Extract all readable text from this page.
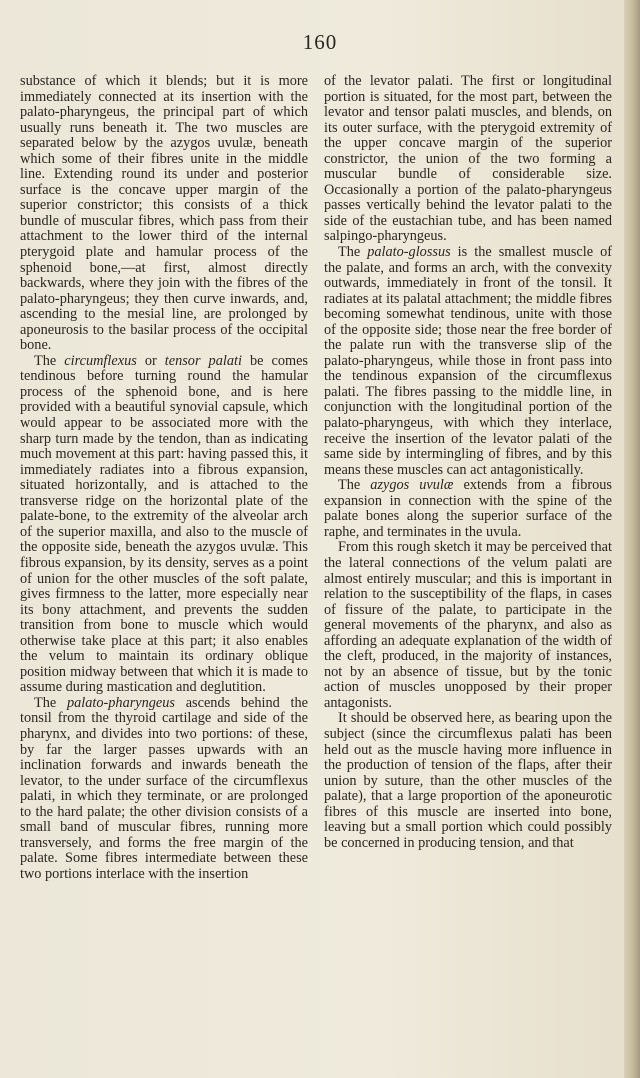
160

substance of which it blends; but it is more immediately connected at its insertion with the palato-pharyngeus, the principal part of which usually runs beneath it. The two muscles are separated below by the azygos uvulæ, beneath which some of their fibres unite in the middle line. Extending round its under and posterior surface is the concave upper margin of the superior constrictor; this consists of a thick bundle of muscular fibres, which pass from their attachment to the lower third of the internal pterygoid plate and hamular process of the sphenoid bone,—at first, almost directly backwards, where they join with the fibres of the palato-pharyngeus; they then curve inwards, and, ascending to the mesial line, are prolonged by aponeurosis to the basilar process of the occipital bone.

The circumflexus or tensor palati be comes tendinous before turning round the hamular process of the sphenoid bone, and is here provided with a beautiful synovial capsule, which would appear to be associated more with the sharp turn made by the tendon, than as indicating much movement at this part: having passed this, it immediately radiates into a fibrous expansion, situated horizontally, and is attached to the transverse ridge on the horizontal plate of the palate-bone, to the extremity of the alveolar arch of the superior maxilla, and also to the muscle of the opposite side, beneath the azygos uvulæ. This fibrous expansion, by its density, serves as a point of union for the other muscles of the soft palate, gives firmness to the latter, more especially near its bony attachment, and prevents the sudden transition from bone to muscle which would otherwise take place at this part; it also enables the velum to maintain its ordinary oblique position midway between that which it is made to assume during mastication and deglutition.

The palato-pharyngeus ascends behind the tonsil from the thyroid cartilage and side of the pharynx, and divides into two portions: of these, by far the larger passes upwards with an inclination forwards and inwards beneath the levator, to the under surface of the circumflexus palati, in which they terminate, or are prolonged to the hard palate; the other division consists of a small band of muscular fibres, running more transversely, and forms the free margin of the palate. Some fibres intermediate between these two portions interlace with the insertion

of the levator palati. The first or longitudinal portion is situated, for the most part, between the levator and tensor palati muscles, and blends, on its outer surface, with the pterygoid extremity of the upper concave margin of the superior constrictor, the union of the two forming a muscular bundle of considerable size. Occasionally a portion of the palato-pharyngeus passes vertically behind the levator palati to the side of the eustachian tube, and has been named salpingo-pharyngeus.

The palato-glossus is the smallest muscle of the palate, and forms an arch, with the convexity outwards, immediately in front of the tonsil. It radiates at its palatal attachment; the middle fibres becoming somewhat tendinous, unite with those of the opposite side; those near the free border of the palate run with the transverse slip of the palato-pharyngeus, while those in front pass into the tendinous expansion of the circumflexus palati. The fibres passing to the middle line, in conjunction with the longitudinal portion of the palato-pharyngeus, with which they interlace, receive the insertion of the levator palati of the same side by intermingling of fibres, and by this means these muscles can act antagonistically.

The azygos uvulæ extends from a fibrous expansion in connection with the spine of the palate bones along the superior surface of the raphe, and terminates in the uvula.

From this rough sketch it may be perceived that the lateral connections of the velum palati are almost entirely muscular; and this is important in relation to the susceptibility of the flaps, in cases of fissure of the palate, to participate in the general movements of the pharynx, and also as affording an adequate explanation of the width of the cleft, produced, in the majority of instances, not by an absence of tissue, but by the tonic action of muscles unopposed by their proper antagonists.

It should be observed here, as bearing upon the subject (since the circumflexus palati has been held out as the muscle having more influence in the production of tension of the flaps, after their union by suture, than the other muscles of the palate), that a large proportion of the aponeurotic fibres of this muscle are inserted into bone, leaving but a small portion which could possibly be concerned in producing tension, and that
